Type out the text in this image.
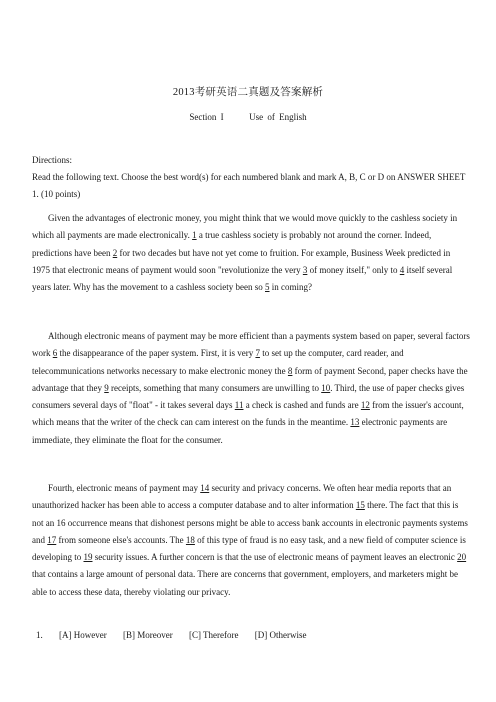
2013考研英语二真题及答案解析
Section I      Use of English
Directions:
Read the following text. Choose the best word(s) for each numbered blank and mark A, B, C or D on ANSWER SHEET 1. (10 points)

Given the advantages of electronic money, you might think that we would move quickly to the cashless society in which all payments are made electronically. 1 a true cashless society is probably not around the corner. Indeed, predictions have been 2 for two decades but have not yet come to fruition. For example, Business Week predicted in 1975 that electronic means of payment would soon "revolutionize the very 3 of money itself," only to 4 itself several years later. Why has the movement to a cashless society been so 5 in coming?

Although electronic means of payment may be more efficient than a payments system based on paper, several factors work 6 the disappearance of the paper system. First, it is very 7 to set up the computer, card reader, and telecommunications networks necessary to make electronic money the 8 form of payment Second, paper checks have the advantage that they 9 receipts, something that many consumers are unwilling to 10. Third, the use of paper checks gives consumers several days of "float" - it takes several days 11 a check is cashed and funds are 12 from the issuer's account, which means that the writer of the check can cam interest on the funds in the meantime. 13 electronic payments are immediate, they eliminate the float for the consumer.

Fourth, electronic means of payment may 14 security and privacy concerns. We often hear media reports that an unauthorized hacker has been able to access a computer database and to alter information 15 there. The fact that this is not an 16 occurrence means that dishonest persons might be able to access bank accounts in electronic payments systems and 17 from someone else's accounts. The 18 of this type of fraud is no easy task, and a new field of computer science is developing to 19 security issues. A further concern is that the use of electronic means of payment leaves an electronic 20 that contains a large amount of personal data. There are concerns that government, employers, and marketers might be able to access these data, thereby violating our privacy.

1. [A] However [B] Moreover [C] Therefore [D] Otherwise
